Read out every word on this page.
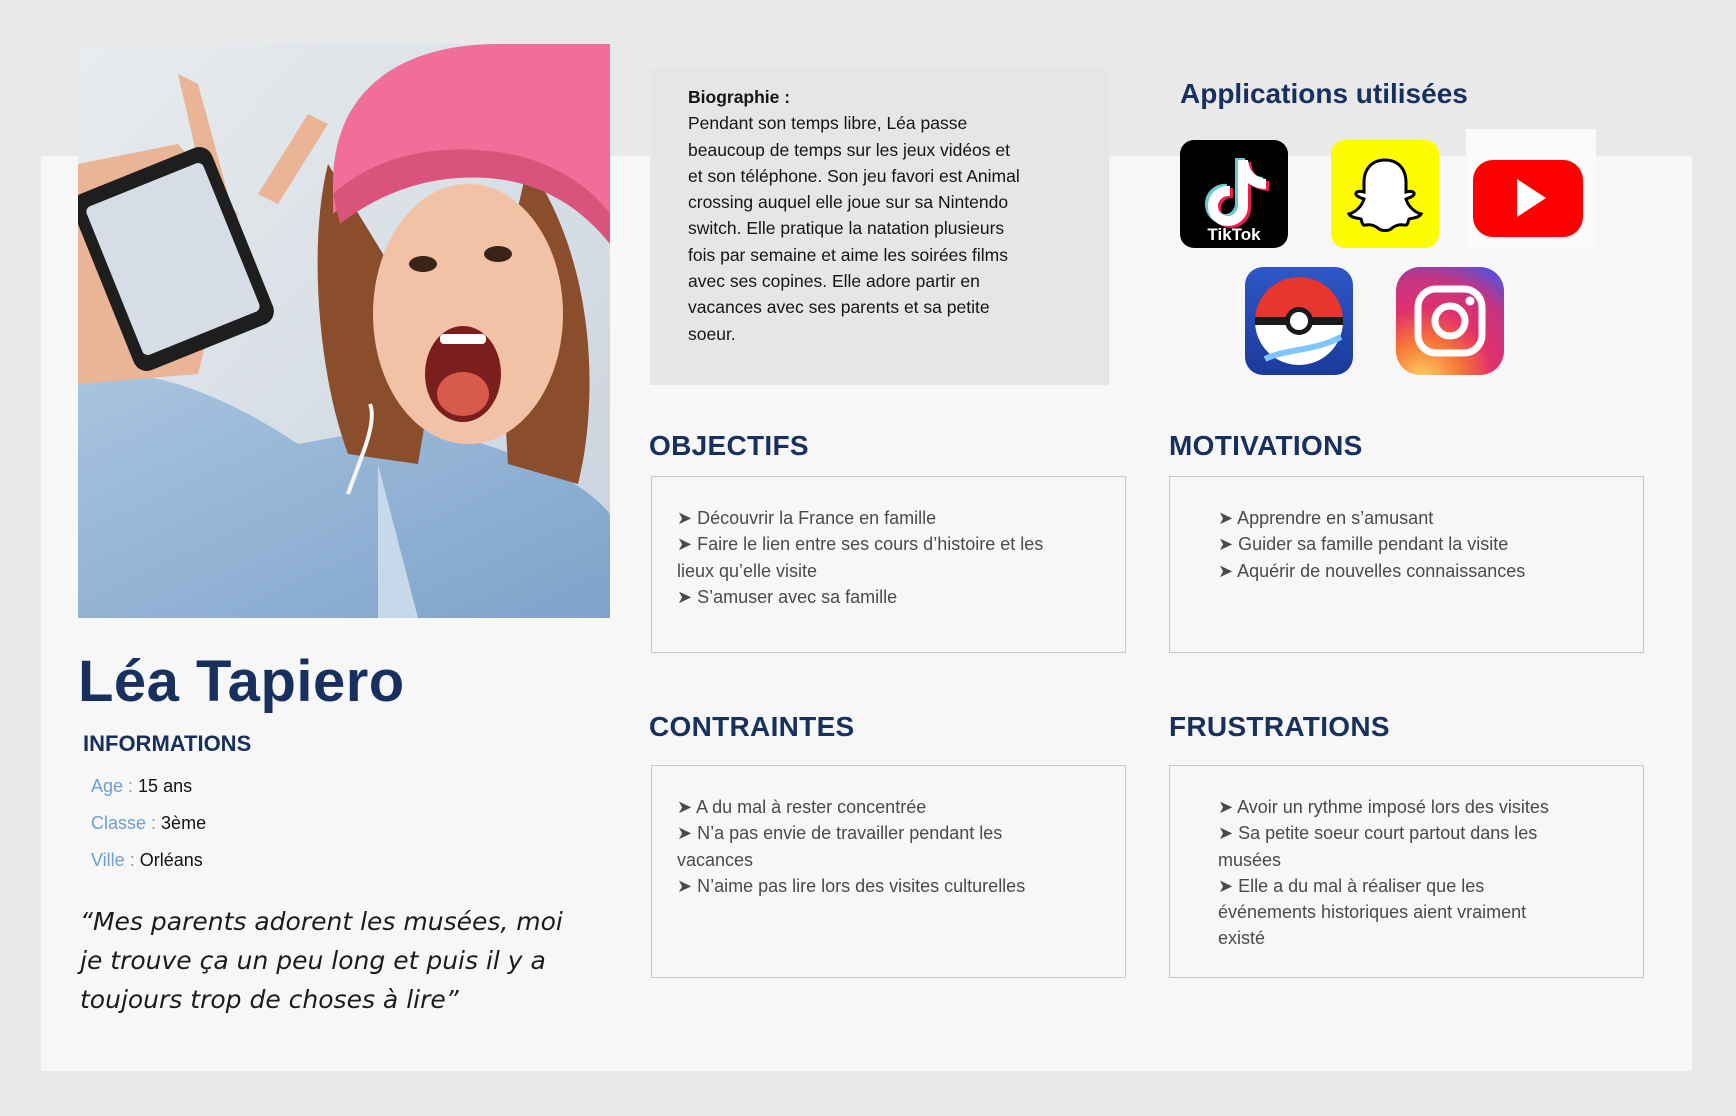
Léa Tapiero
INFORMATIONS
Age : 15 ans
Classe : 3ème
Ville : Orléans
“Mes parents adorent les musées, moi
je trouve ça un peu long et puis il y a
toujours trop de choses à lire”
Biographie :
Pendant son temps libre, Léa passe
beaucoup de temps sur les jeux vidéos et
et son téléphone. Son jeu favori est Animal
crossing auquel elle joue sur sa Nintendo
switch. Elle pratique la natation plusieurs
fois par semaine et aime les soirées films
avec ses copines. Elle adore partir en
vacances avec ses parents et sa petite
soeur.
Applications utilisées
TikTok
OBJECTIFS
➤ Découvrir la France en famille
➤ Faire le lien entre ses cours d’histoire et les
lieux qu’elle visite
➤ S’amuser avec sa famille
MOTIVATIONS
➤ Apprendre en s’amusant
➤ Guider sa famille pendant la visite
➤ Aquérir de nouvelles connaissances
CONTRAINTES
➤ A du mal à rester concentrée
➤ N’a pas envie de travailler pendant les
vacances
➤ N’aime pas lire lors des visites culturelles
FRUSTRATIONS
➤ Avoir un rythme imposé lors des visites
➤ Sa petite soeur court partout dans les
musées
➤ Elle a du mal à réaliser que les
événements historiques aient vraiment
existé
